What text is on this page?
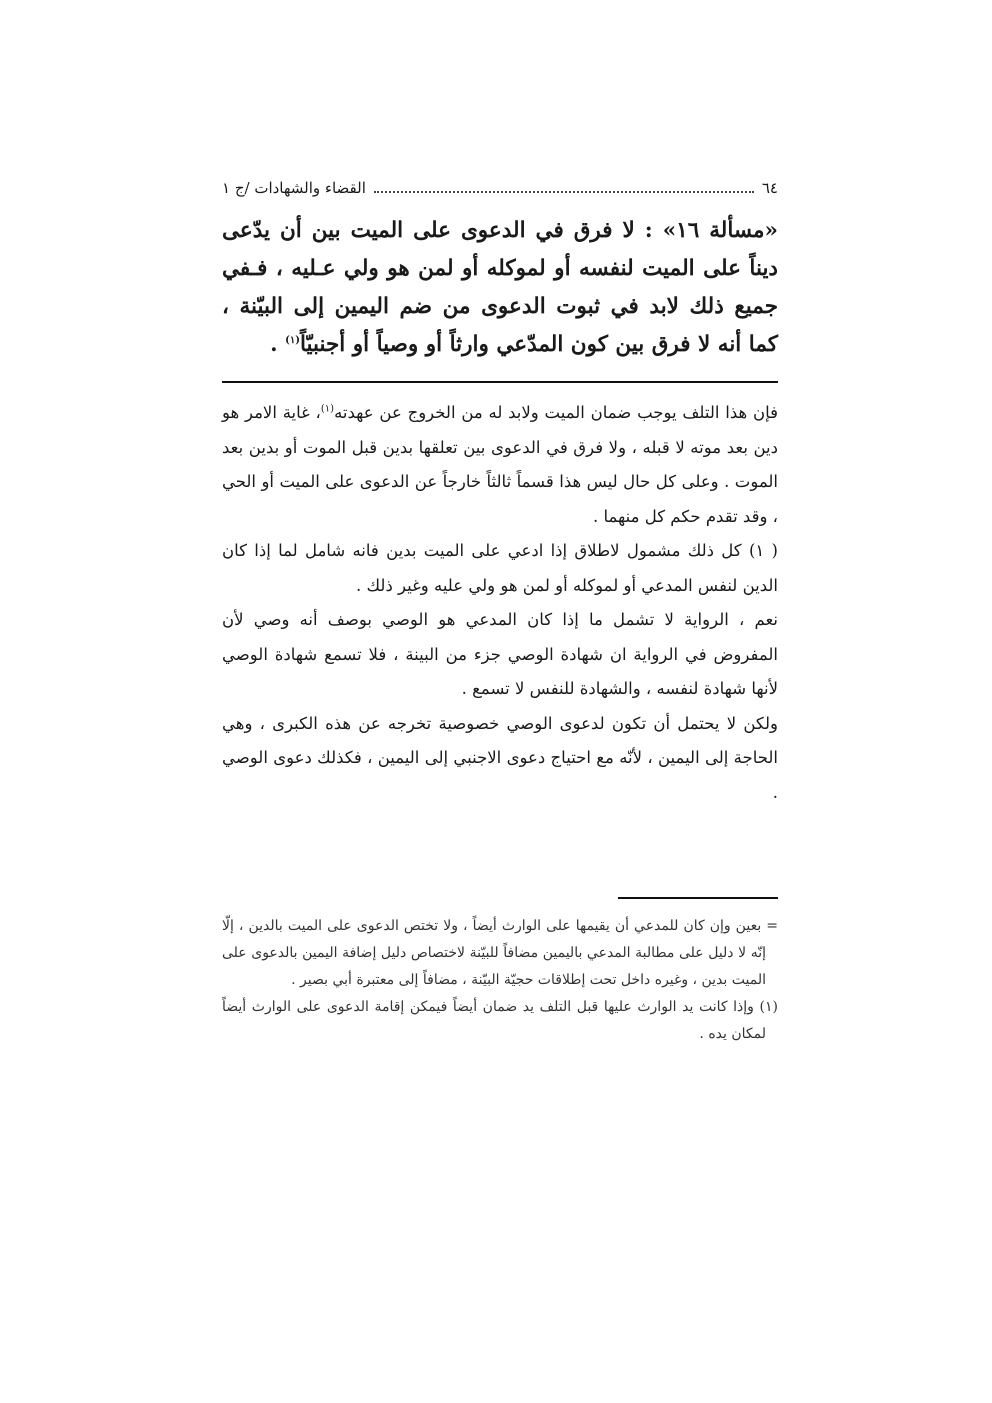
٦٤
القضاء والشهادات /ج ١

«مسألة ١٦» : لا فرق في الدعوى على الميت بين أن يدّعى ديناً على الميت لنفسه أو لموكله أو لمن هو ولي عـليه ، فـفي جميع ذلك لابد في ثبوت الدعوى من ضم اليمين إلى البيّنة ، كما أنه لا فرق بين كون المدّعي وارثاً أو وصياً أو أجنبيّاً$^{(١)}$ .

فإن هذا التلف يوجب ضمان الميت ولابد له من الخروج عن عهدته$^{(١)}$، غاية الامر هو دين بعد موته لا قبله ، ولا فرق في الدعوى بين تعلقها بدين قبل الموت أو بدين بعد الموت . وعلى كل حال ليس هذا قسماً ثالثاً خارجاً عن الدعوى على الميت أو الحي ، وقد تقدم حكم كل منهما .

( ١) كل ذلك مشمول لاطلاق إذا ادعي على الميت بدين فانه شامل لما إذا كان الدين لنفس المدعي أو لموكله أو لمن هو ولي عليه وغير ذلك .

نعم ، الرواية لا تشمل ما إذا كان المدعي هو الوصي بوصف أنه وصي لأن المفروض في الرواية ان شهادة الوصي جزء من البينة ، فلا تسمع شهادة الوصي لأنها شهادة لنفسه ، والشهادة للنفس لا تسمع .

ولكن لا يحتمل أن تكون لدعوى الوصي خصوصية تخرجه عن هذه الكبرى ، وهي الحاجة إلى اليمين ، لأنّه مع احتياج دعوى الاجنبي إلى اليمين ، فكذلك دعوى الوصي .

= بعين وإن كان للمدعي أن يقيمها على الوارث أيضاً ، ولا تختص الدعوى على الميت بالدين ، إلّا إنّه لا دليل على مطالبة المدعي باليمين مضافاً للبيّنة لاختصاص دليل إضافة اليمين بالدعوى على الميت بدين ، وغيره داخل تحت إطلاقات حجيّة البيّنة ، مضافاً إلى معتبرة أبي بصير .

(١) وإذا كانت يد الوارث عليها قبل التلف يد ضمان أيضاً فيمكن إقامة الدعوى على الوارث أيضاً لمكان يده .
